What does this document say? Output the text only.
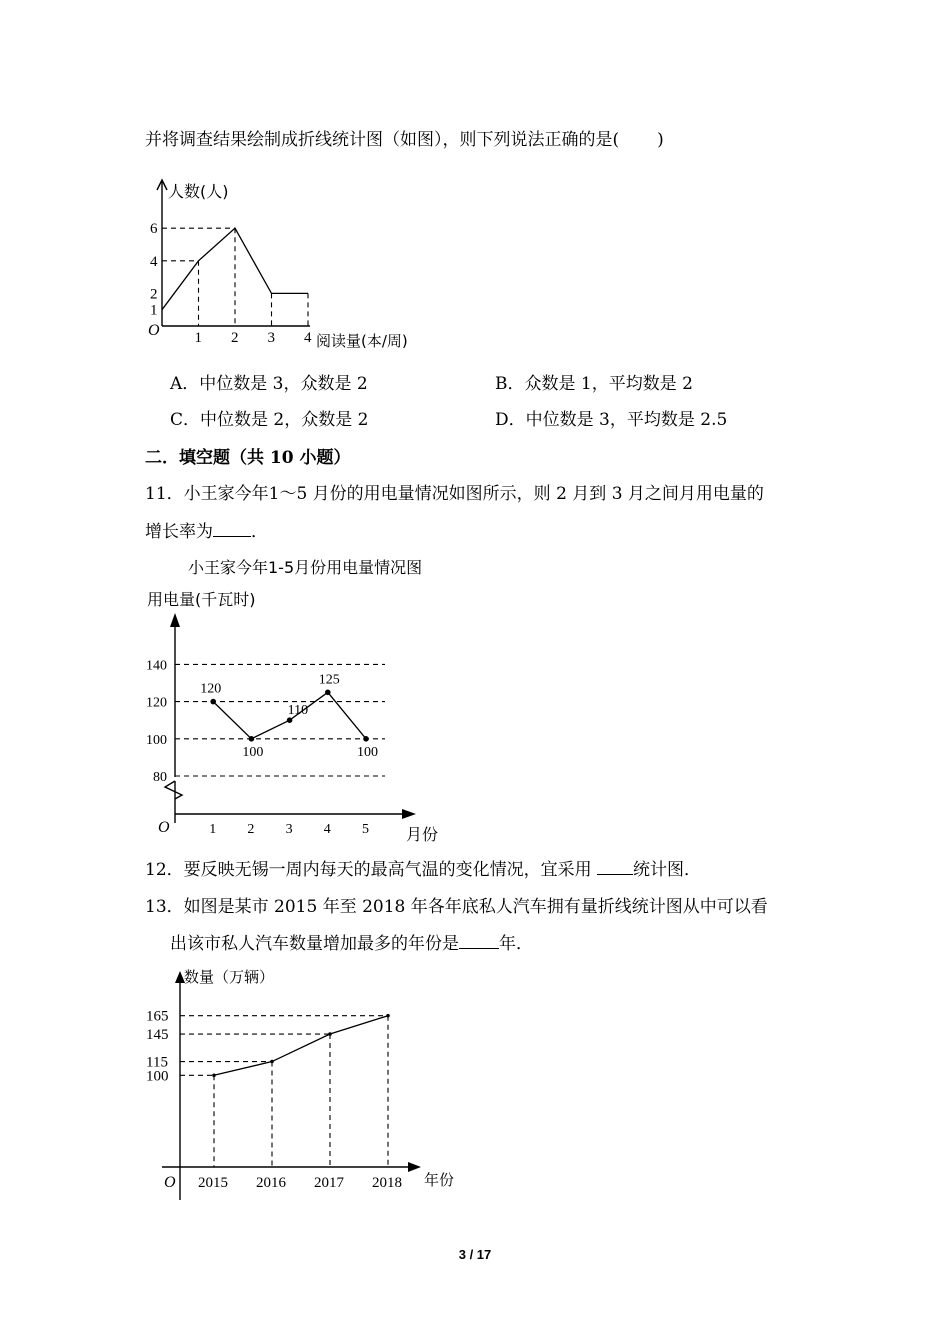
并将调查结果绘制成折线统计图（如图），则下列说法正确的是( )
人数(人)
O
阅读量(本/周)
1
2
4
6
1 2 3 4
A．中位数是 3，众数是 2	B．众数是 1，平均数是 2
C．中位数是 2，众数是 2	D．中位数是 3，平均数是 2.5
二．填空题（共 10 小题）
11．小王家今年1～5 月份的用电量情况如图所示，则 2 月到 3 月之间月用电量的
增长率为 ．
小王家今年1-5月份用电量情况图
用电量(千瓦时)
O	月份
80
100
120
140
1 2 3 4 5
120
100
110
125
100
12．要反映无锡一周内每天的最高气温的变化情况，宜采用 统计图．
13．如图是某市 2015 年至 2018 年各年底私人汽车拥有量折线统计图从中可以看
出该市私人汽车数量增加最多的年份是 年．
数量（万辆）
O	年份
100
115
145
165
2015 2016 2017 2018
3 / 17
